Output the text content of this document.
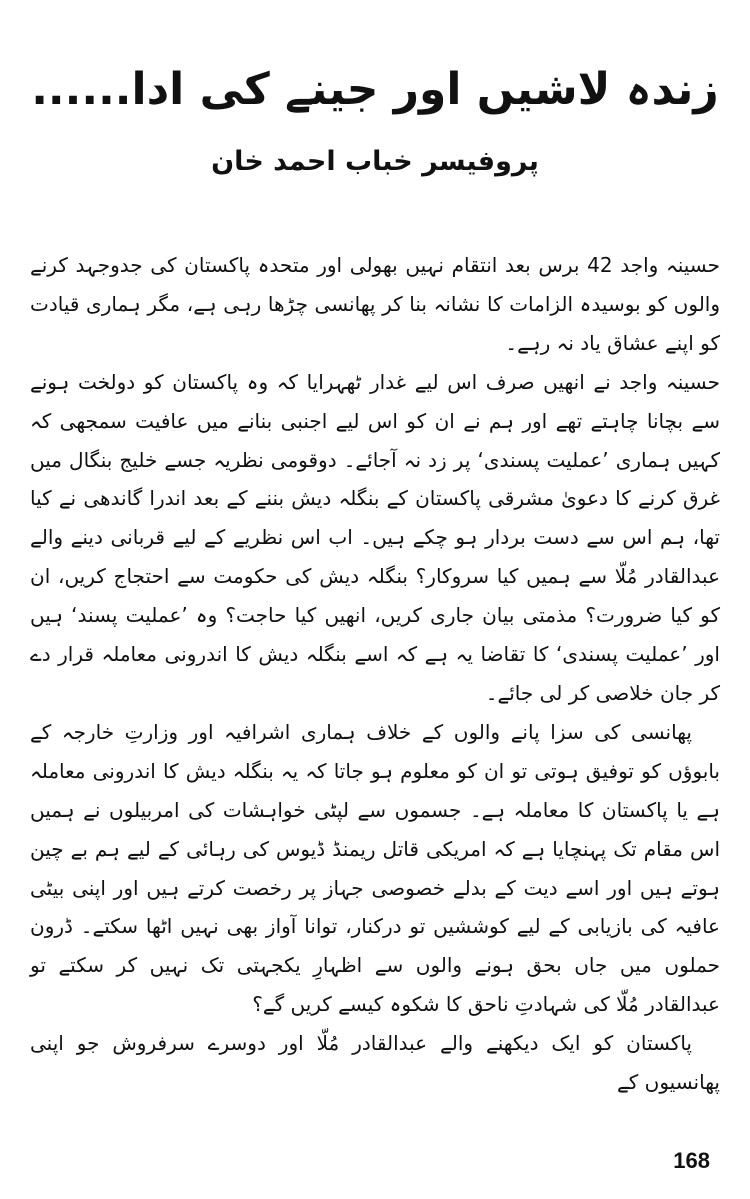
زندہ لاشیں اور جینے کی ادا......
پروفیسر خباب احمد خان

حسینہ واجد 42 برس بعد انتقام نہیں بھولی اور متحدہ پاکستان کی جدوجہد کرنے والوں کو بوسیدہ الزامات کا نشانہ بنا کر پھانسی چڑھا رہی ہے، مگر ہماری قیادت کو اپنے عشاق یاد نہ رہے۔

حسینہ واجد نے انھیں صرف اس لیے غدار ٹھہرایا کہ وہ پاکستان کو دولخت ہونے سے بچانا چاہتے تھے اور ہم نے ان کو اس لیے اجنبی بنانے میں عافیت سمجھی کہ کہیں ہماری ’عملیت پسندی‘ پر زد نہ آجائے۔ دوقومی نظریہ جسے خلیج بنگال میں غرق کرنے کا دعویٰ مشرقی پاکستان کے بنگلہ دیش بننے کے بعد اندرا گاندھی نے کیا تھا، ہم اس سے دست بردار ہو چکے ہیں۔ اب اس نظریے کے لیے قربانی دینے والے عبدالقادر مُلّا سے ہمیں کیا سروکار؟ بنگلہ دیش کی حکومت سے احتجاج کریں، ان کو کیا ضرورت؟ مذمتی بیان جاری کریں، انھیں کیا حاجت؟ وہ ’عملیت پسند‘ ہیں اور ’عملیت پسندی‘ کا تقاضا یہ ہے کہ اسے بنگلہ دیش کا اندرونی معاملہ قرار دے کر جان خلاصی کر لی جائے۔

پھانسی کی سزا پانے والوں کے خلاف ہماری اشرافیہ اور وزارتِ خارجہ کے بابوؤں کو توفیق ہوتی تو ان کو معلوم ہو جاتا کہ یہ بنگلہ دیش کا اندرونی معاملہ ہے یا پاکستان کا معاملہ ہے۔ جسموں سے لپٹی خواہشات کی امربیلوں نے ہمیں اس مقام تک پہنچایا ہے کہ امریکی قاتل ریمنڈ ڈیوس کی رہائی کے لیے ہم بے چین ہوتے ہیں اور اسے دیت کے بدلے خصوصی جہاز پر رخصت کرتے ہیں اور اپنی بیٹی عافیہ کی بازیابی کے لیے کوششیں تو درکنار، توانا آواز بھی نہیں اٹھا سکتے۔ ڈرون حملوں میں جاں بحق ہونے والوں سے اظہارِ یکجہتی تک نہیں کر سکتے تو عبدالقادر مُلّا کی شہادتِ ناحق کا شکوہ کیسے کریں گے؟

پاکستان کو ایک دیکھنے والے عبدالقادر مُلّا اور دوسرے سرفروش جو اپنی پھانسیوں کے

168
